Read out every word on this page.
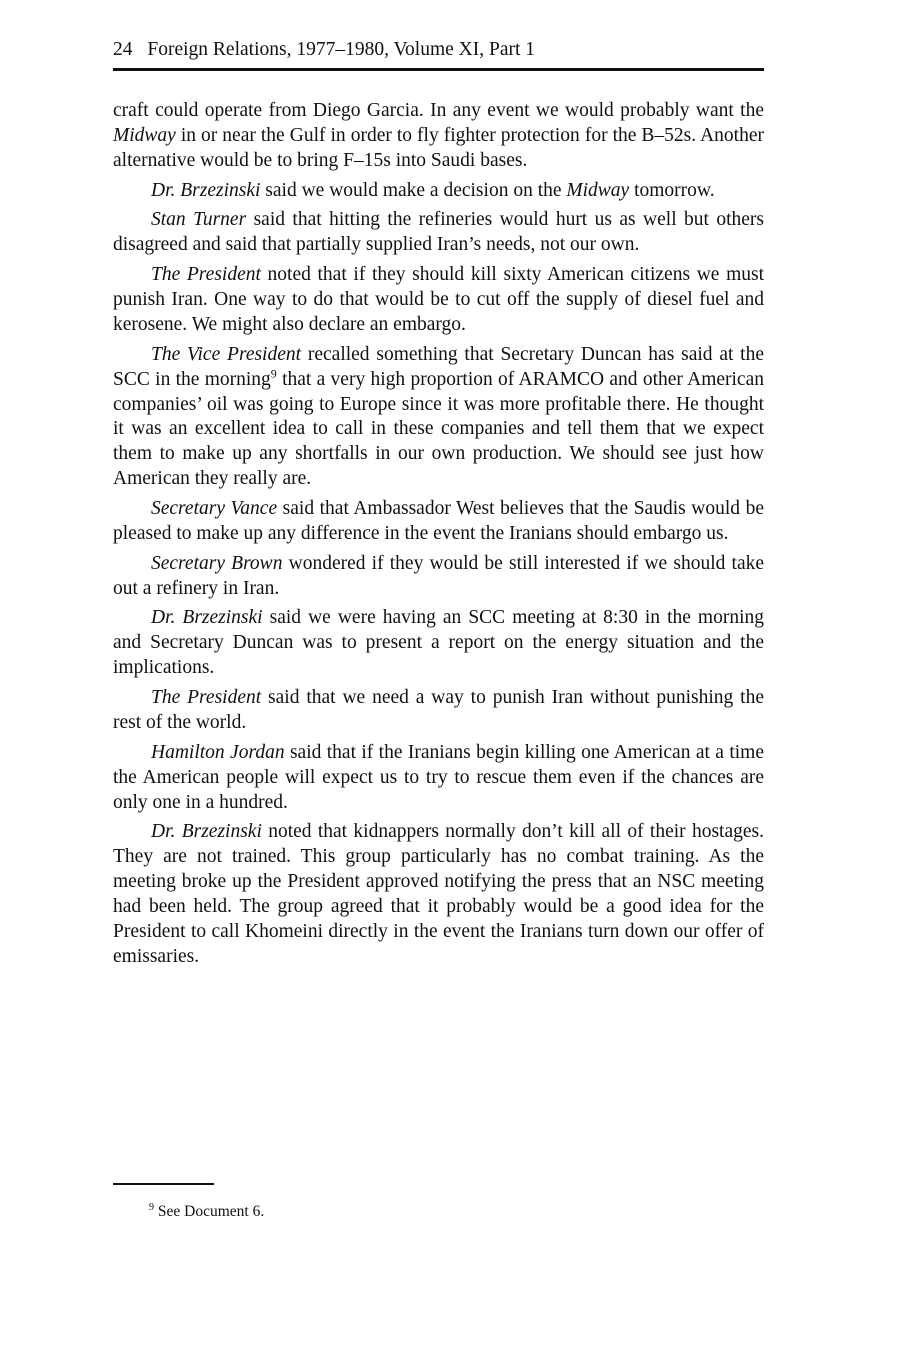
24 Foreign Relations, 1977–1980, Volume XI, Part 1

craft could operate from Diego Garcia. In any event we would probably want the Midway in or near the Gulf in order to fly fighter protection for the B–52s. Another alternative would be to bring F–15s into Saudi bases.

Dr. Brzezinski said we would make a decision on the Midway tomorrow.

Stan Turner said that hitting the refineries would hurt us as well but others disagreed and said that partially supplied Iran’s needs, not our own.

The President noted that if they should kill sixty American citizens we must punish Iran. One way to do that would be to cut off the supply of diesel fuel and kerosene. We might also declare an embargo.

The Vice President recalled something that Secretary Duncan has said at the SCC in the morning$^9$ that a very high proportion of ARAMCO and other American companies’ oil was going to Europe since it was more profitable there. He thought it was an excellent idea to call in these companies and tell them that we expect them to make up any shortfalls in our own production. We should see just how American they really are.

Secretary Vance said that Ambassador West believes that the Saudis would be pleased to make up any difference in the event the Iranians should embargo us.

Secretary Brown wondered if they would be still interested if we should take out a refinery in Iran.

Dr. Brzezinski said we were having an SCC meeting at 8:30 in the morning and Secretary Duncan was to present a report on the energy situation and the implications.

The President said that we need a way to punish Iran without punishing the rest of the world.

Hamilton Jordan said that if the Iranians begin killing one American at a time the American people will expect us to try to rescue them even if the chances are only one in a hundred.

Dr. Brzezinski noted that kidnappers normally don’t kill all of their hostages. They are not trained. This group particularly has no combat training. As the meeting broke up the President approved notifying the press that an NSC meeting had been held. The group agreed that it probably would be a good idea for the President to call Khomeini directly in the event the Iranians turn down our offer of emissaries.

$^9$ See Document 6.
